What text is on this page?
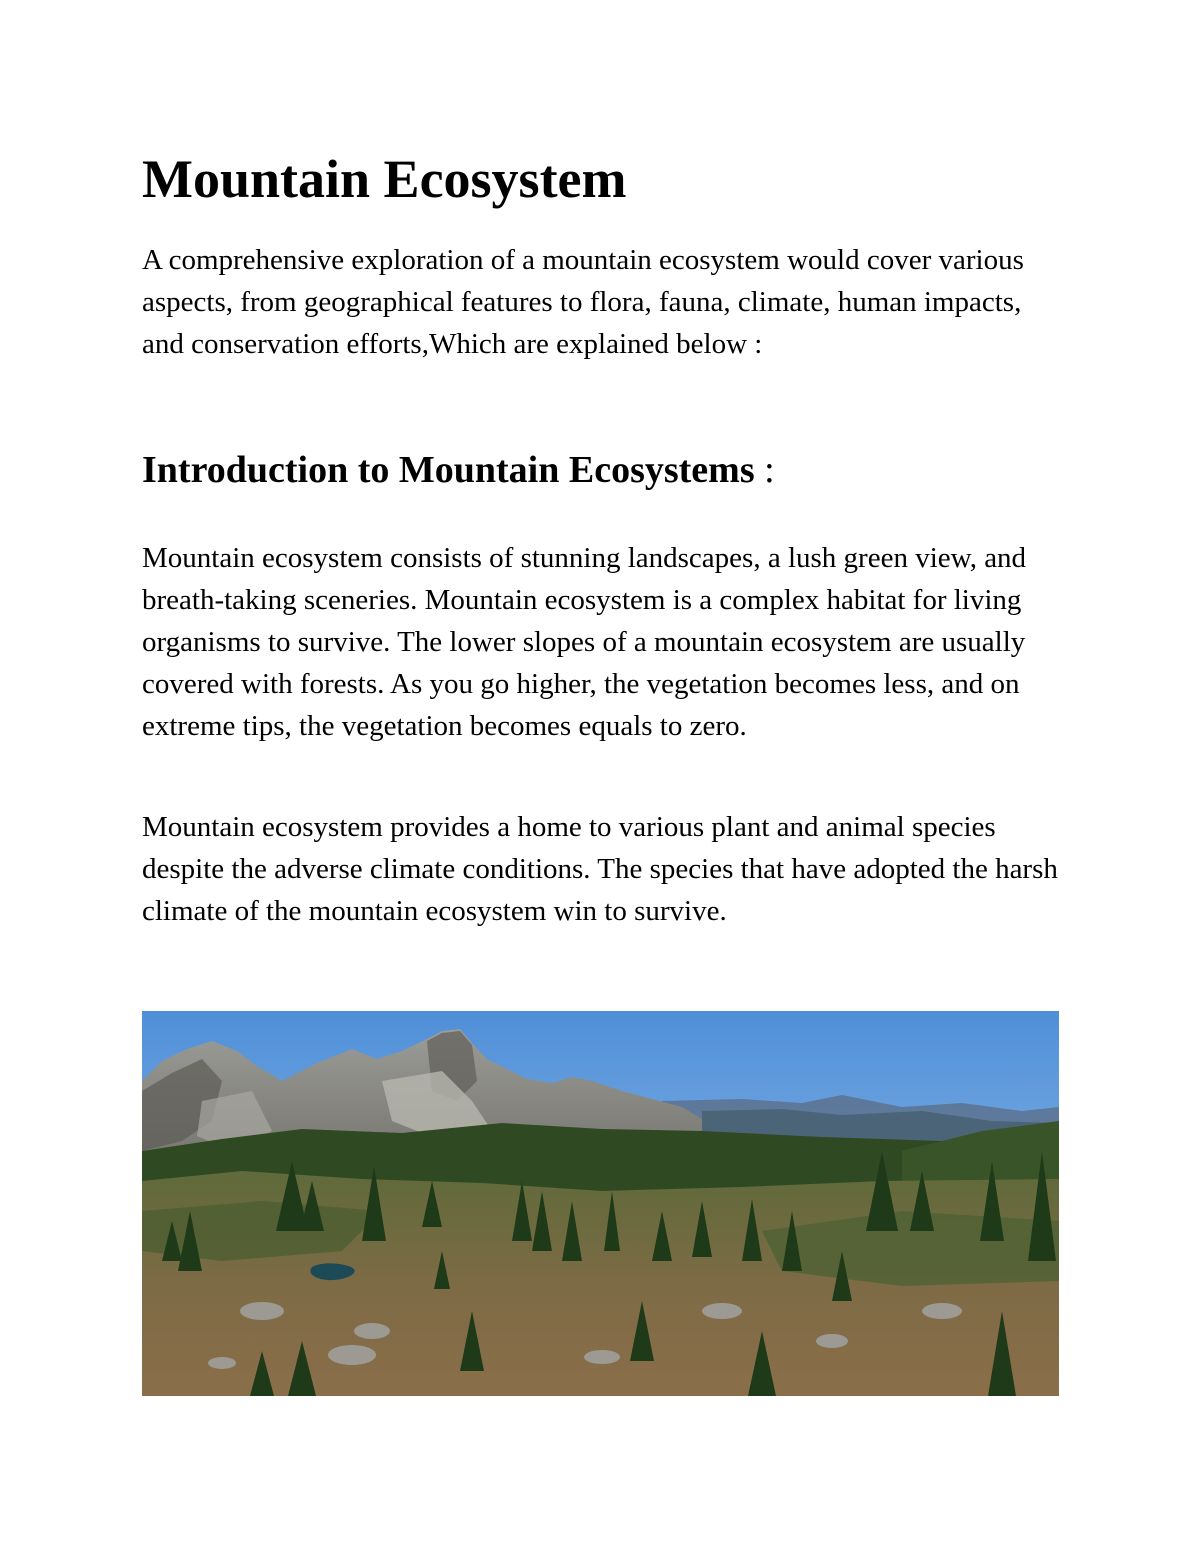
Mountain Ecosystem

A comprehensive exploration of a mountain ecosystem would cover various aspects, from geographical features to flora, fauna, climate, human impacts, and conservation efforts,Which are explained below :

Introduction to Mountain Ecosystems :

Mountain ecosystem consists of stunning landscapes, a lush green view, and breath-taking sceneries. Mountain ecosystem is a complex habitat for living organisms to survive. The lower slopes of a mountain ecosystem are usually covered with forests. As you go higher, the vegetation becomes less, and on extreme tips, the vegetation becomes equals to zero.

Mountain ecosystem provides a home to various plant and animal species despite the adverse climate conditions. The species that have adopted the harsh climate of the mountain ecosystem win to survive.
